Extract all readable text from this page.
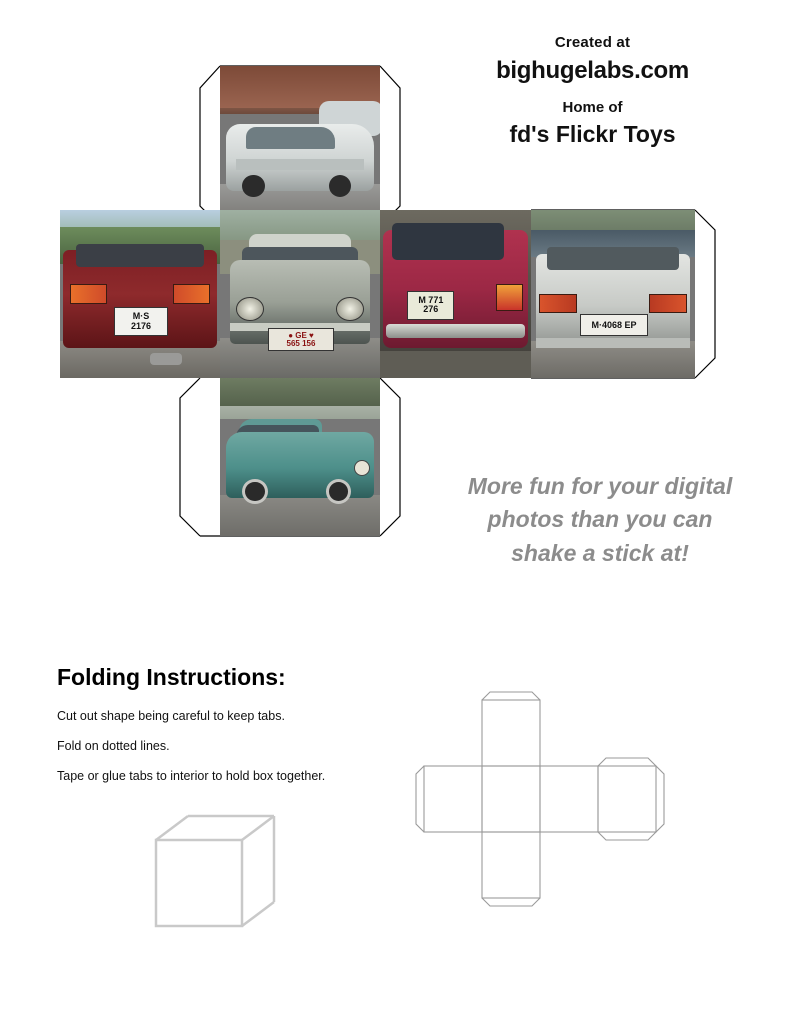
Created at
bighugelabs.com
Home of
fd's Flickr Toys
More fun for your digital photos than you can shake a stick at!
M·S
2176
● GE ♥
565 156
M 771
276
M·4068 EP
Folding Instructions:

Cut out shape being careful to keep tabs.

Fold on dotted lines.

Tape or glue tabs to interior to hold box together.
